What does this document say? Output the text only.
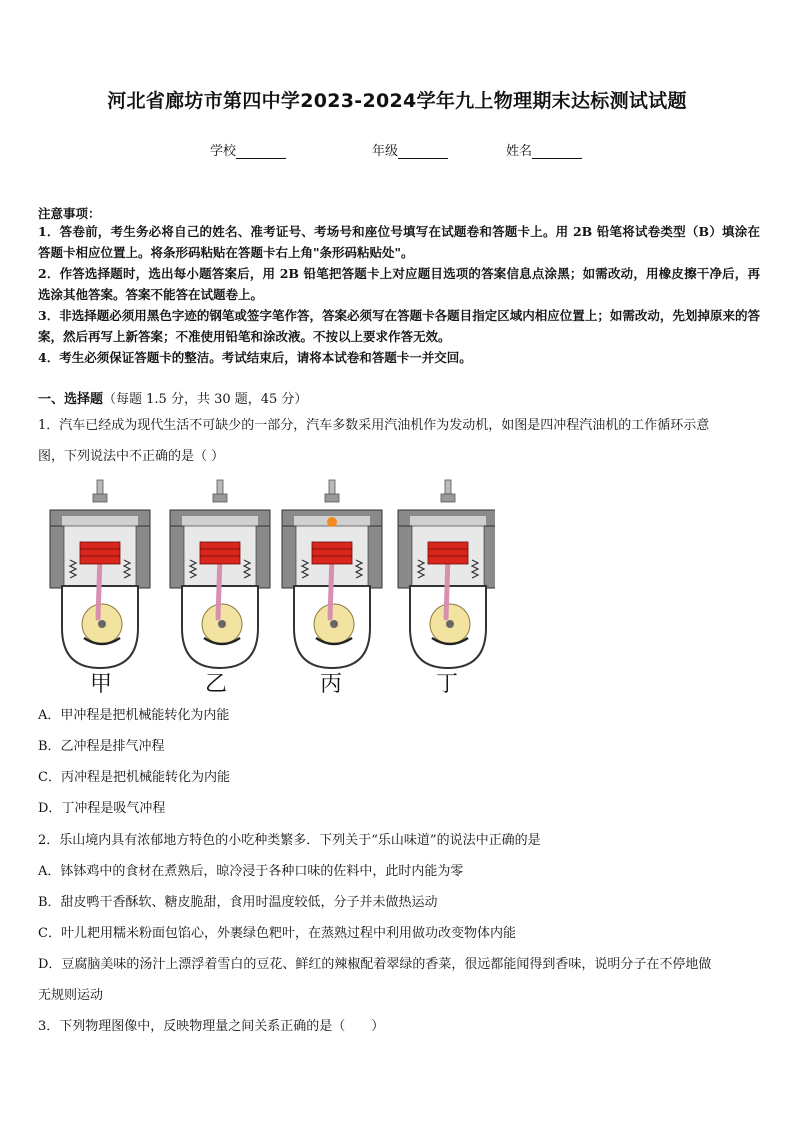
河北省廊坊市第四中学2023-2024学年九上物理期末达标测试试题
学校	年级	姓名
注意事项：
1．答卷前，考生务必将自己的姓名、准考证号、考场号和座位号填写在试题卷和答题卡上。用 2B 铅笔将试卷类型（B）填涂在答题卡相应位置上。将条形码粘贴在答题卡右上角"条形码粘贴处"。
2．作答选择题时，选出每小题答案后，用 2B 铅笔把答题卡上对应题目选项的答案信息点涂黑；如需改动，用橡皮擦干净后，再选涂其他答案。答案不能答在试题卷上。
3．非选择题必须用黑色字迹的钢笔或签字笔作答，答案必须写在答题卡各题目指定区域内相应位置上；如需改动，先划掉原来的答案，然后再写上新答案；不准使用铅笔和涂改液。不按以上要求作答无效。
4．考生必须保证答题卡的整洁。考试结束后，请将本试卷和答题卡一并交回。
一、选择题（每题 1.5 分，共 30 题，45 分）
1．汽车已经成为现代生活不可缺少的一部分，汽车多数采用汽油机作为发动机，如图是四冲程汽油机的工作循环示意
图，下列说法中不正确的是（ ）
甲	乙	丙	丁
A．甲冲程是把机械能转化为内能
B．乙冲程是排气冲程
C．丙冲程是把机械能转化为内能
D．丁冲程是吸气冲程
2．乐山境内具有浓郁地方特色的小吃种类繁多．下列关于“乐山味道”的说法中正确的是
A．钵钵鸡中的食材在煮熟后，晾冷浸于各种口味的佐料中，此时内能为零
B．甜皮鸭干香酥软、糖皮脆甜，食用时温度较低，分子并未做热运动
C．叶儿耙用糯米粉面包馅心，外裹绿色粑叶，在蒸熟过程中利用做功改变物体内能
D．豆腐脑美味的汤汁上漂浮着雪白的豆花、鲜红的辣椒配着翠绿的香菜，很远都能闻得到香味，说明分子在不停地做
无规则运动
3．下列物理图像中，反映物理量之间关系正确的是（　　）
